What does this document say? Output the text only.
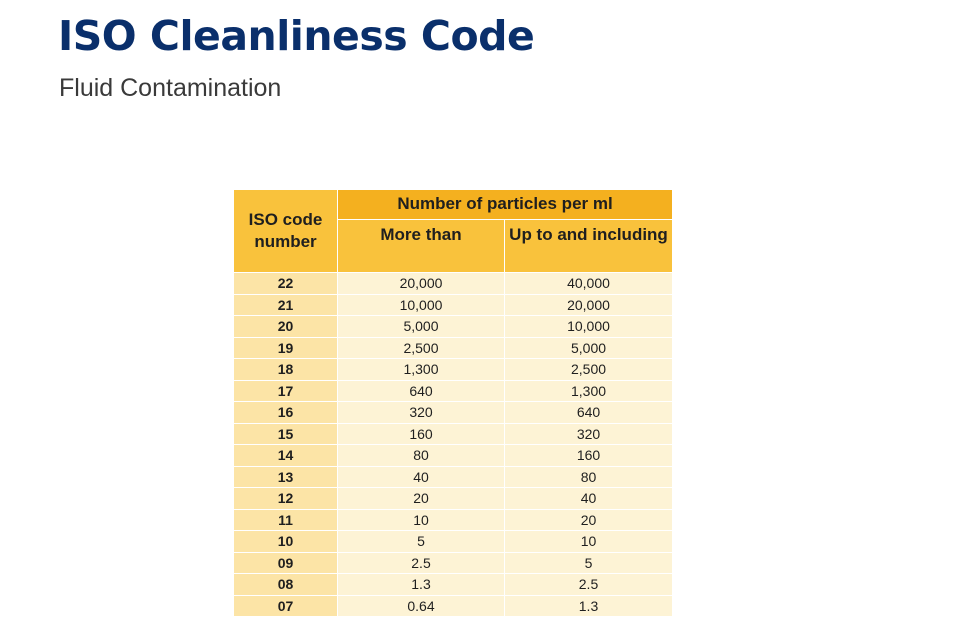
ISO Cleanliness Code
Fluid Contamination
ISO code number	Number of particles per ml	
	More than	Up to and including
22	20,000	40,000
21	10,000	20,000
20	5,000	10,000
19	2,500	5,000
18	1,300	2,500
17	640	1,300
16	320	640
15	160	320
14	80	160
13	40	80
12	20	40
11	10	20
10	5	10
09	2.5	5
08	1.3	2.5
07	0.64	1.3
